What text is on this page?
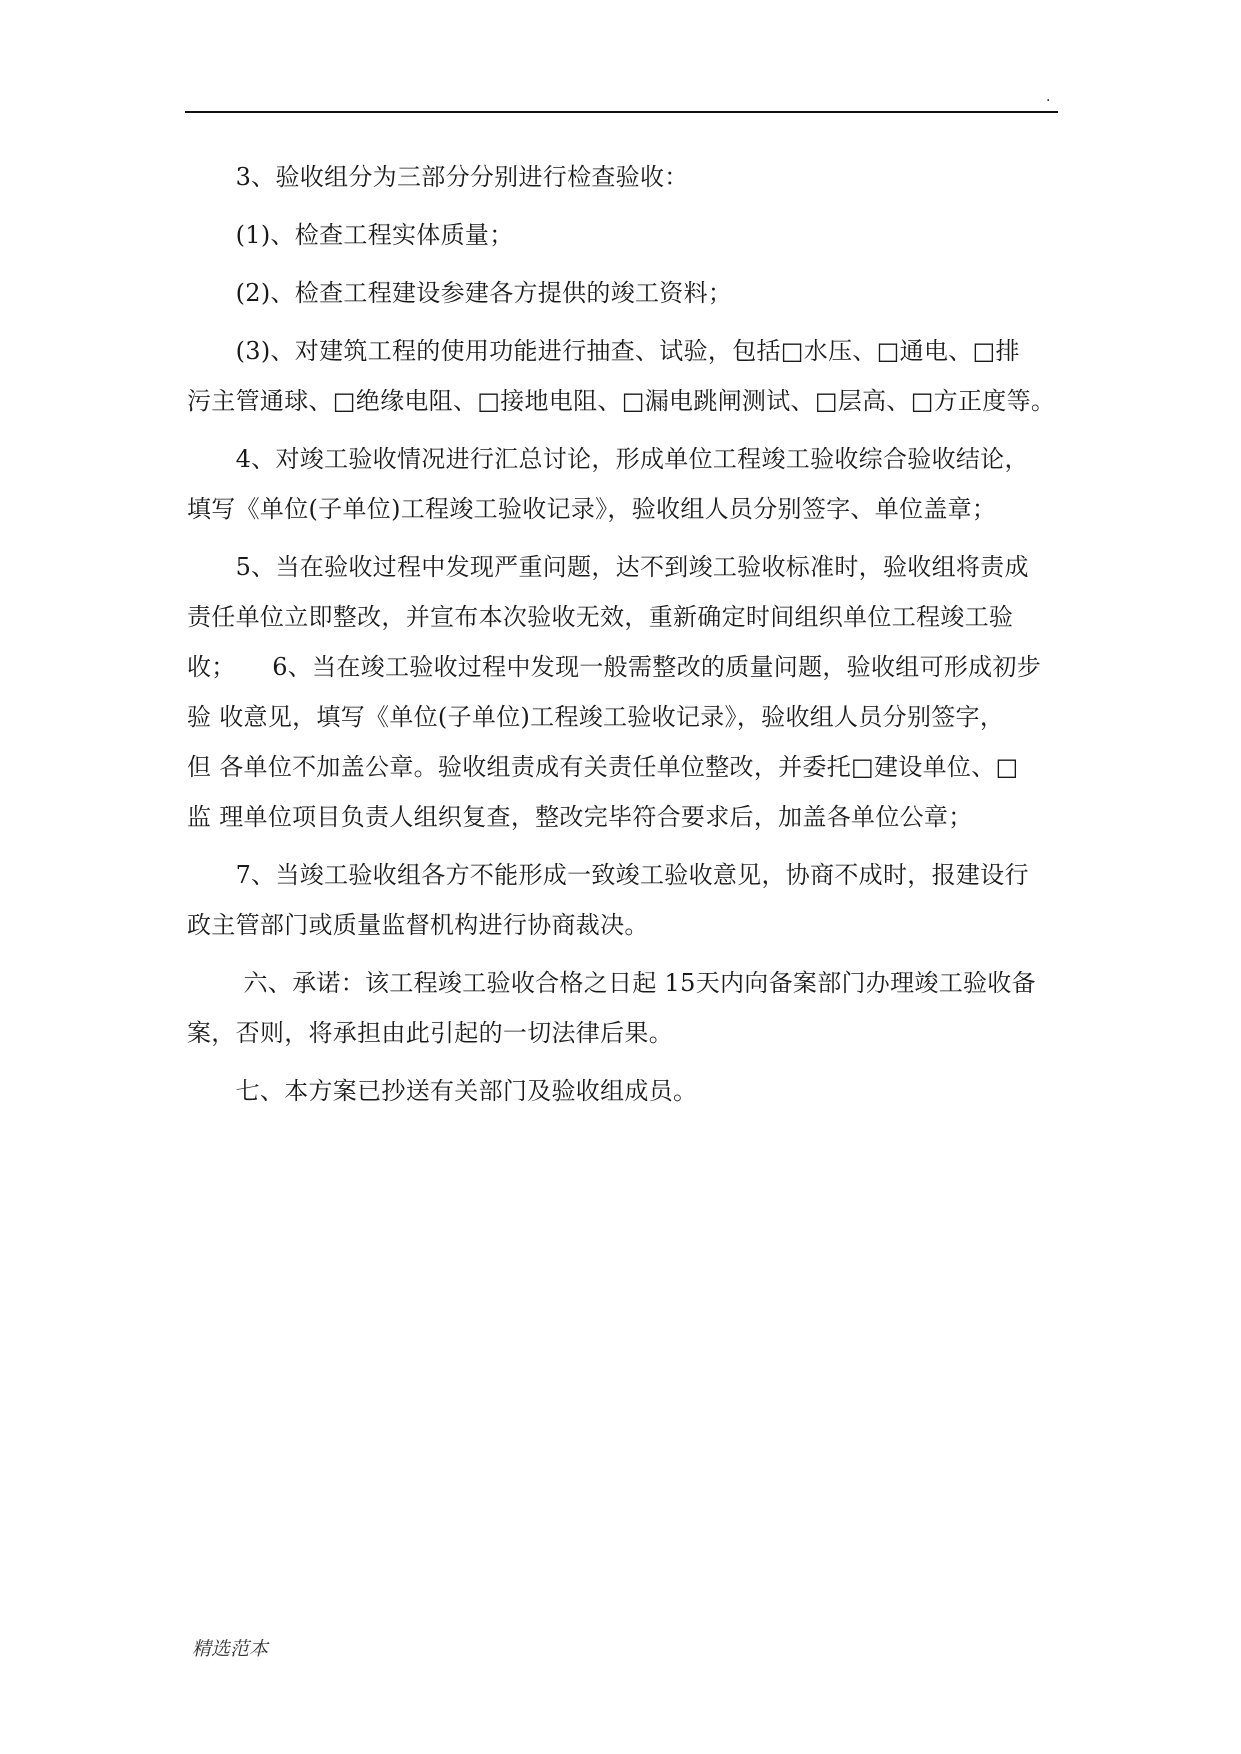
.

　　3、验收组分为三部分分别进行检查验收：

　　(1)、检查工程实体质量；

　　(2)、检查工程建设参建各方提供的竣工资料；

　　(3)、对建筑工程的使用功能进行抽查、试验，包括□水压、□通电、□排
污主管通球、□绝缘电阻、□接地电阻、□漏电跳闸测试、□层高、□方正度等。

　　4、对竣工验收情况进行汇总讨论，形成单位工程竣工验收综合验收结论，
填写《单位(子单位)工程竣工验收记录》，验收组人员分别签字、单位盖章；

　　5、当在验收过程中发现严重问题，达不到竣工验收标准时，验收组将责成
责任单位立即整改，并宣布本次验收无效，重新确定时间组织单位工程竣工验
收；　　6、当在竣工验收过程中发现一般需整改的质量问题，验收组可形成初步
验 收意见，填写《单位(子单位)工程竣工验收记录》，验收组人员分别签字，
但 各单位不加盖公章。验收组责成有关责任单位整改，并委托□建设单位、□
监 理单位项目负责人组织复查，整改完毕符合要求后，加盖各单位公章；

　　7、当竣工验收组各方不能形成一致竣工验收意见，协商不成时，报建设行
政主管部门或质量监督机构进行协商裁决。

　　 六、承诺：该工程竣工验收合格之日起 15天内向备案部门办理竣工验收备
案，否则，将承担由此引起的一切法律后果。

　　七、本方案已抄送有关部门及验收组成员。

精选范本
